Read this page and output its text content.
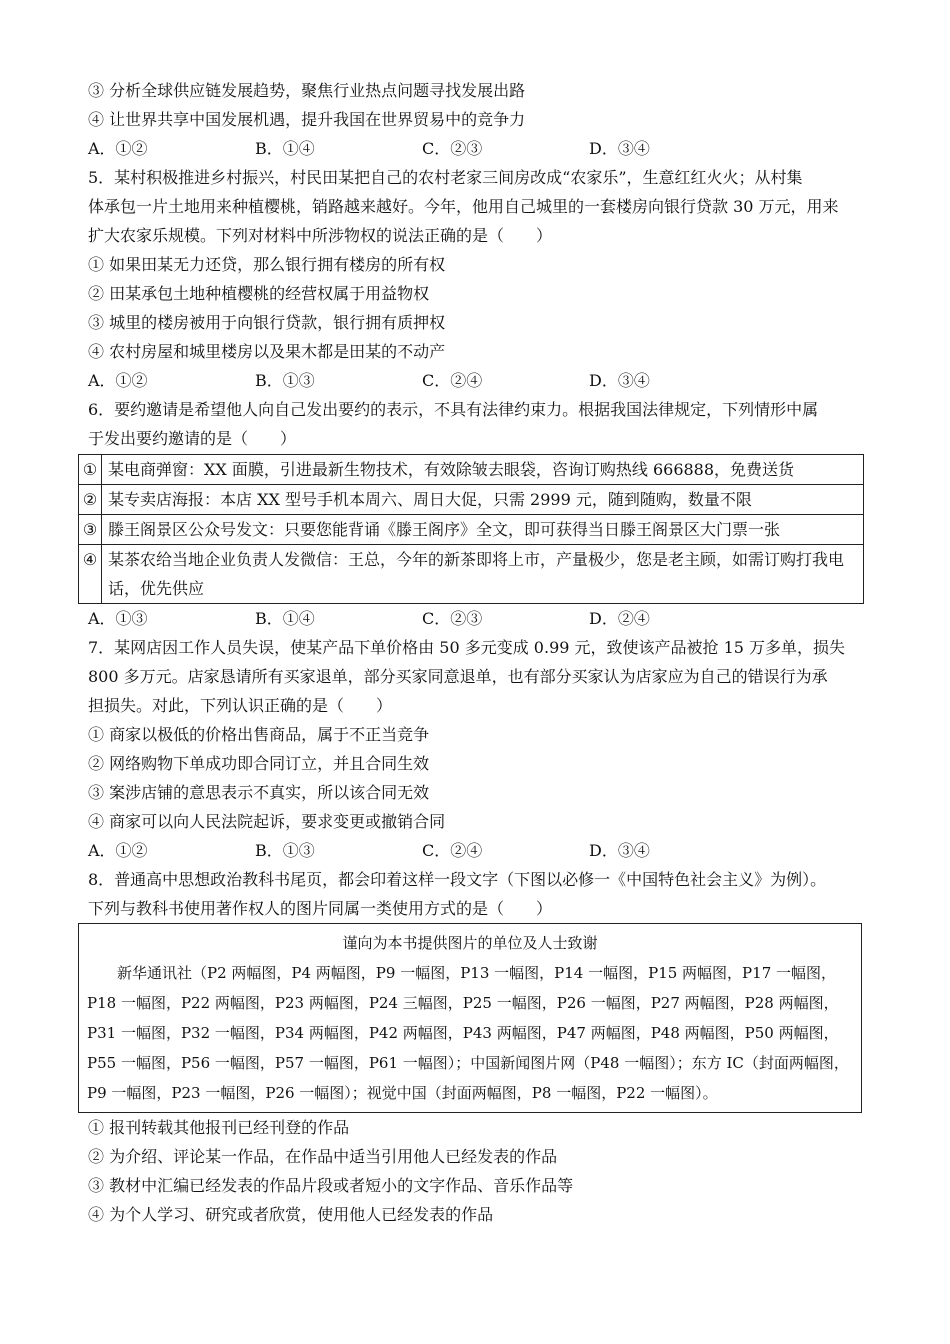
③ 分析全球供应链发展趋势，聚焦行业热点问题寻找发展出路
④ 让世界共享中国发展机遇，提升我国在世界贸易中的竞争力
A．①②	B．①④	C．②③	D．③④
5．某村积极推进乡村振兴，村民田某把自己的农村老家三间房改成“农家乐”，生意红红火火；从村集
体承包一片土地用来种植樱桃，销路越来越好。今年，他用自己城里的一套楼房向银行贷款 30 万元，用来
扩大农家乐规模。下列对材料中所涉物权的说法正确的是（　　）
① 如果田某无力还贷，那么银行拥有楼房的所有权
② 田某承包土地种植樱桃的经营权属于用益物权
③ 城里的楼房被用于向银行贷款，银行拥有质押权
④ 农村房屋和城里楼房以及果木都是田某的不动产
A．①②	B．①③	C．②④	D．③④
6．要约邀请是希望他人向自己发出要约的表示，不具有法律约束力。根据我国法律规定，下列情形中属
于发出要约邀请的是（　　）
①	某电商弹窗：XX 面膜，引进最新生物技术，有效除皱去眼袋，咨询订购热线 666888，免费送货
②	某专卖店海报：本店 XX 型号手机本周六、周日大促，只需 2999 元，随到随购，数量不限
③	滕王阁景区公众号发文：只要您能背诵《滕王阁序》全文，即可获得当日滕王阁景区大门票一张
④	某茶农给当地企业负责人发微信：王总，今年的新茶即将上市，产量极少，您是老主顾，如需订购打我电话，优先供应
A．①③	B．①④	C．②③	D．②④
7．某网店因工作人员失误，使某产品下单价格由 50 多元变成 0.99 元，致使该产品被抢 15 万多单，损失
800 多万元。店家恳请所有买家退单，部分买家同意退单，也有部分买家认为店家应为自己的错误行为承
担损失。对此，下列认识正确的是（　　）
① 商家以极低的价格出售商品，属于不正当竞争
② 网络购物下单成功即合同订立，并且合同生效
③ 案涉店铺的意思表示不真实，所以该合同无效
④ 商家可以向人民法院起诉，要求变更或撤销合同
A．①②	B．①③	C．②④	D．③④
8．普通高中思想政治教科书尾页，都会印着这样一段文字（下图以必修一《中国特色社会主义》为例）。
下列与教科书使用著作权人的图片同属一类使用方式的是（　　）
谨向为本书提供图片的单位及人士致谢
新华通讯社（P2 两幅图，P4 两幅图，P9 一幅图，P13 一幅图，P14 一幅图，P15 两幅图，P17 一幅图，P18 一幅图，P22 两幅图，P23 两幅图，P24 三幅图，P25 一幅图，P26 一幅图，P27 两幅图，P28 两幅图，P31 一幅图，P32 一幅图，P34 两幅图，P42 两幅图，P43 两幅图，P47 两幅图，P48 两幅图，P50 两幅图，P55 一幅图，P56 一幅图，P57 一幅图，P61 一幅图）；中国新闻图片网（P48 一幅图）；东方 IC（封面两幅图，P9 一幅图，P23 一幅图，P26 一幅图）；视觉中国（封面两幅图，P8 一幅图，P22 一幅图）。
① 报刊转载其他报刊已经刊登的作品
② 为介绍、评论某一作品，在作品中适当引用他人已经发表的作品
③ 教材中汇编已经发表的作品片段或者短小的文字作品、音乐作品等
④ 为个人学习、研究或者欣赏，使用他人已经发表的作品
